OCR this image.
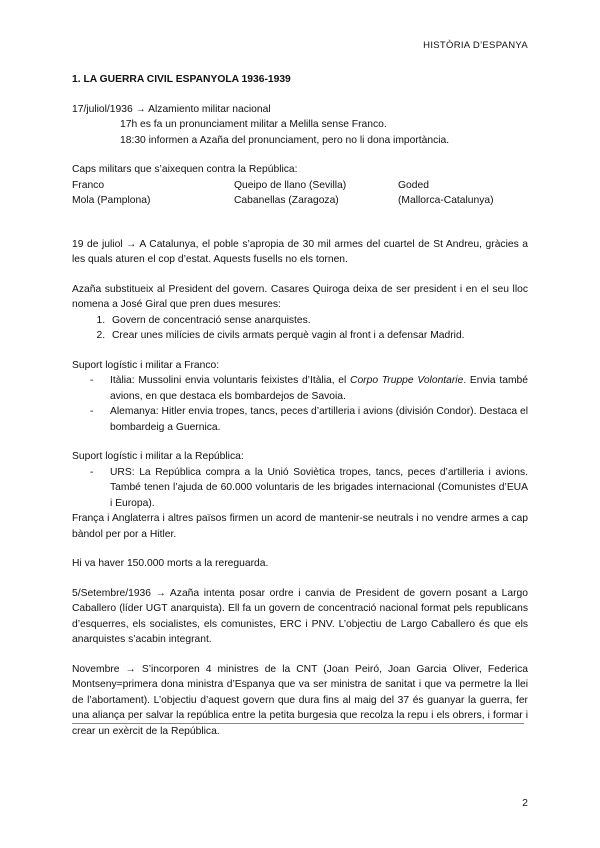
HISTÒRIA D’ESPANYA

1. LA GUERRA CIVIL ESPANYOLA 1936-1939

17/juliol/1936 → Alzamiento militar nacional

17h es fa un pronunciament militar a Melilla sense Franco.

18:30 informen a Azaña del pronunciament, pero no li dona importància.

Caps militars que s’aixequen contra la República:

Franco	Queipo de llano (Sevilla)	Goded
Mola (Pamplona)	Cabanellas (Zaragoza)	(Mallorca-Catalunya)

19 de juliol → A Catalunya, el poble s’apropia de 30 mil armes del cuartel de St Andreu, gràcies a les quals aturen el cop d’estat. Aquests fusells no els tornen.

Azaña substitueix al President del govern. Casares Quiroga deixa de ser president i en el seu lloc nomena a José Giral que pren dues mesures:

1. Govern de concentració sense anarquistes.
2. Crear unes milícies de civils armats perquè vagin al front i a defensar Madrid.

Suport logístic i militar a Franco:

- Itàlia: Mussolini envia voluntaris feixistes d’Itàlia, el Corpo Truppe Volontarie. Envia també avions, en que destaca els bombardejos de Savoia.
- Alemanya: Hitler envia tropes, tancs, peces d’artilleria i avions (división Condor). Destaca el bombardeig a Guernica.

Suport logístic i militar a la República:

- URS: La República compra a la Unió Soviètica tropes, tancs, peces d’artilleria i avions. També tenen l’ajuda de 60.000 voluntaris de les brigades internacional (Comunistes d’EUA i Europa).

França i Anglaterra i altres països firmen un acord de mantenir-se neutrals i no vendre armes a cap bàndol per por a Hitler.

Hi va haver 150.000 morts a la rereguarda.

5/Setembre/1936 → Azaña intenta posar ordre i canvia de President de govern posant a Largo Caballero (líder UGT anarquista). Ell fa un govern de concentració nacional format pels republicans d’esquerres, els socialistes, els comunistes, ERC i PNV. L’objectiu de Largo Caballero és que els anarquistes s’acabin integrant.

Novembre → S’incorporen 4 ministres de la CNT (Joan Peiró, Joan Garcia Oliver, Federica Montseny=primera dona ministra d’Espanya que va ser ministra de sanitat i que va permetre la llei de l’abortament). L’objectiu d’aquest govern que dura fins al maig del 37 és guanyar la guerra, fer una aliança per salvar la república entre la petita burgesia que recolza la repu i els obrers, i formar i crear un exèrcit de la República.

2
